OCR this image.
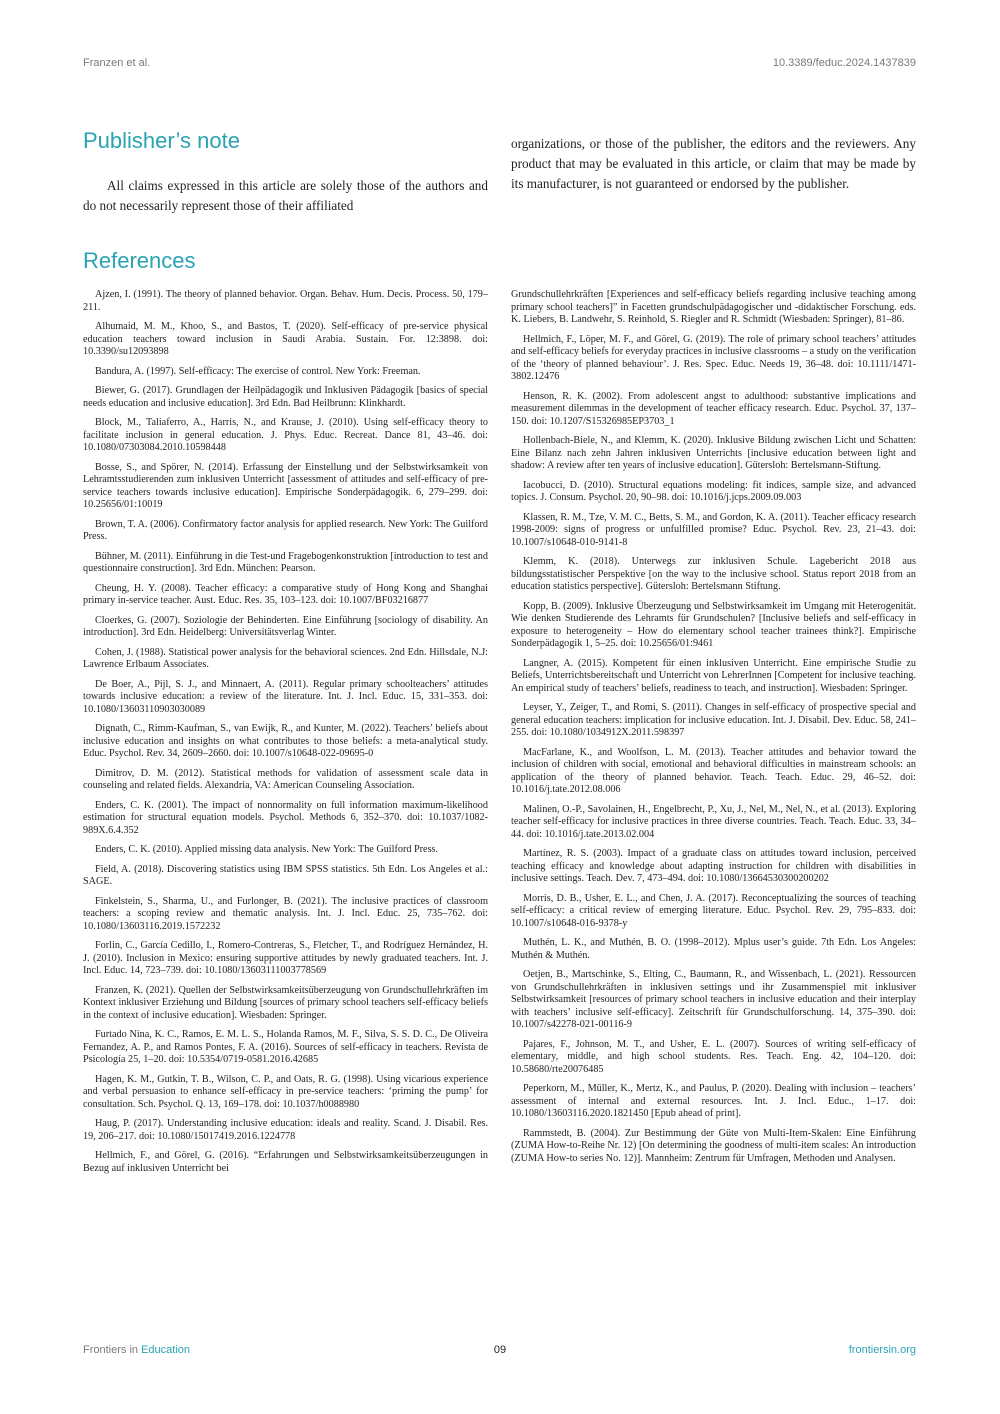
Franzen et al.	10.3389/feduc.2024.1437839
Publisher’s note

All claims expressed in this article are solely those of the authors and do not necessarily represent those of their affiliated

organizations, or those of the publisher, the editors and the reviewers. Any product that may be evaluated in this article, or claim that may be made by its manufacturer, is not guaranteed or endorsed by the publisher.

References

Ajzen, I. (1991). The theory of planned behavior. Organ. Behav. Hum. Decis. Process. 50, 179–211.

Alhumaid, M. M., Khoo, S., and Bastos, T. (2020). Self-efficacy of pre-service physical education teachers toward inclusion in Saudi Arabia. Sustain. For. 12:3898. doi: 10.3390/su12093898

Bandura, A. (1997). Self-efficacy: The exercise of control. New York: Freeman.

Biewer, G. (2017). Grundlagen der Heilpädagogik und Inklusiven Pädagogik [basics of special needs education and inclusive education]. 3rd Edn. Bad Heilbrunn: Klinkhardt.

Block, M., Taliaferro, A., Harris, N., and Krause, J. (2010). Using self-efficacy theory to facilitate inclusion in general education. J. Phys. Educ. Recreat. Dance 81, 43–46. doi: 10.1080/07303084.2010.10598448

Bosse, S., and Spörer, N. (2014). Erfassung der Einstellung und der Selbstwirksamkeit von Lehramtsstudierenden zum inklusiven Unterricht [assessment of attitudes and self-efficacy of pre-service teachers towards inclusive education]. Empirische Sonderpädagogik. 6, 279–299. doi: 10.25656/01:10019

Brown, T. A. (2006). Confirmatory factor analysis for applied research. New York: The Guilford Press.

Bühner, M. (2011). Einführung in die Test-und Fragebogenkonstruktion [introduction to test and questionnaire construction]. 3rd Edn. München: Pearson.

Cheung, H. Y. (2008). Teacher efficacy: a comparative study of Hong Kong and Shanghai primary in-service teacher. Aust. Educ. Res. 35, 103–123. doi: 10.1007/BF03216877

Cloerkes, G. (2007). Soziologie der Behinderten. Eine Einführung [sociology of disability. An introduction]. 3rd Edn. Heidelberg: Universitätsverlag Winter.

Cohen, J. (1988). Statistical power analysis for the behavioral sciences. 2nd Edn. Hillsdale, N.J: Lawrence Erlbaum Associates.

De Boer, A., Pijl, S. J., and Minnaert, A. (2011). Regular primary schoolteachers’ attitudes towards inclusive education: a review of the literature. Int. J. Incl. Educ. 15, 331–353. doi: 10.1080/13603110903030089

Dignath, C., Rimm-Kaufman, S., van Ewijk, R., and Kunter, M. (2022). Teachers’ beliefs about inclusive education and insights on what contributes to those beliefs: a meta-analytical study. Educ. Psychol. Rev. 34, 2609–2660. doi: 10.1007/s10648-022-09695-0

Dimitrov, D. M. (2012). Statistical methods for validation of assessment scale data in counseling and related fields. Alexandria, VA: American Counseling Association.

Enders, C. K. (2001). The impact of nonnormality on full information maximum-likelihood estimation for structural equation models. Psychol. Methods 6, 352–370. doi: 10.1037/1082-989X.6.4.352

Enders, C. K. (2010). Applied missing data analysis. New York: The Guilford Press.

Field, A. (2018). Discovering statistics using IBM SPSS statistics. 5th Edn. Los Angeles et al.: SAGE.

Finkelstein, S., Sharma, U., and Furlonger, B. (2021). The inclusive practices of classroom teachers: a scoping review and thematic analysis. Int. J. Incl. Educ. 25, 735–762. doi: 10.1080/13603116.2019.1572232

Forlin, C., García Cedillo, I., Romero-Contreras, S., Fletcher, T., and Rodríguez Hernández, H. J. (2010). Inclusion in Mexico: ensuring supportive attitudes by newly graduated teachers. Int. J. Incl. Educ. 14, 723–739. doi: 10.1080/13603111003778569

Franzen, K. (2021). Quellen der Selbstwirksamkeitsüberzeugung von Grundschullehrkräften im Kontext inklusiver Erziehung und Bildung [sources of primary school teachers self-efficacy beliefs in the context of inclusive education]. Wiesbaden: Springer.

Furtado Nina, K. C., Ramos, E. M. L. S., Holanda Ramos, M. F., Silva, S. S. D. C., De Oliveira Fernandez, A. P., and Ramos Pontes, F. A. (2016). Sources of self-efficacy in teachers. Revista de Psicología 25, 1–20. doi: 10.5354/0719-0581.2016.42685

Hagen, K. M., Gutkin, T. B., Wilson, C. P., and Oats, R. G. (1998). Using vicarious experience and verbal persuasion to enhance self-efficacy in pre-service teachers: ‘priming the pump’ for consultation. Sch. Psychol. Q. 13, 169–178. doi: 10.1037/h0088980

Haug, P. (2017). Understanding inclusive education: ideals and reality. Scand. J. Disabil. Res. 19, 206–217. doi: 10.1080/15017419.2016.1224778

Hellmich, F., and Görel, G. (2016). “Erfahrungen und Selbstwirksamkeitsüberzeugungen in Bezug auf inklusiven Unterricht bei

Grundschullehrkräften [Experiences and self-efficacy beliefs regarding inclusive teaching among primary school teachers]” in Facetten grundschulpädagogischer und -didaktischer Forschung. eds. K. Liebers, B. Landwehr, S. Reinhold, S. Riegler and R. Schmidt (Wiesbaden: Springer), 81–86.

Hellmich, F., Löper, M. F., and Görel, G. (2019). The role of primary school teachers’ attitudes and self-efficacy beliefs for everyday practices in inclusive classrooms – a study on the verification of the ‘theory of planned behaviour’. J. Res. Spec. Educ. Needs 19, 36–48. doi: 10.1111/1471-3802.12476

Henson, R. K. (2002). From adolescent angst to adulthood: substantive implications and measurement dilemmas in the development of teacher efficacy research. Educ. Psychol. 37, 137–150. doi: 10.1207/S15326985EP3703_1

Hollenbach-Biele, N., and Klemm, K. (2020). Inklusive Bildung zwischen Licht und Schatten: Eine Bilanz nach zehn Jahren inklusiven Unterrichts [inclusive education between light and shadow: A review after ten years of inclusive education]. Gütersloh: Bertelsmann-Stiftung.

Iacobucci, D. (2010). Structural equations modeling: fit indices, sample size, and advanced topics. J. Consum. Psychol. 20, 90–98. doi: 10.1016/j.jcps.2009.09.003

Klassen, R. M., Tze, V. M. C., Betts, S. M., and Gordon, K. A. (2011). Teacher efficacy research 1998-2009: signs of progress or unfulfilled promise? Educ. Psychol. Rev. 23, 21–43. doi: 10.1007/s10648-010-9141-8

Klemm, K. (2018). Unterwegs zur inklusiven Schule. Lagebericht 2018 aus bildungsstatistischer Perspektive [on the way to the inclusive school. Status report 2018 from an education statistics perspective]. Gütersloh: Bertelsmann Stiftung.

Kopp, B. (2009). Inklusive Überzeugung und Selbstwirksamkeit im Umgang mit Heterogenität. Wie denken Studierende des Lehramts für Grundschulen? [Inclusive beliefs and self-efficacy in exposure to heterogeneity – How do elementary school teacher trainees think?]. Empirische Sonderpädagogik 1, 5–25. doi: 10.25656/01:9461

Langner, A. (2015). Kompetent für einen inklusiven Unterricht. Eine empirische Studie zu Beliefs, Unterrichtsbereitschaft und Unterricht von LehrerInnen [Competent for inclusive teaching. An empirical study of teachers’ beliefs, readiness to teach, and instruction]. Wiesbaden: Springer.

Leyser, Y., Zeiger, T., and Romi, S. (2011). Changes in self-efficacy of prospective special and general education teachers: implication for inclusive education. Int. J. Disabil. Dev. Educ. 58, 241–255. doi: 10.1080/1034912X.2011.598397

MacFarlane, K., and Woolfson, L. M. (2013). Teacher attitudes and behavior toward the inclusion of children with social, emotional and behavioral difficulties in mainstream schools: an application of the theory of planned behavior. Teach. Teach. Educ. 29, 46–52. doi: 10.1016/j.tate.2012.08.006

Malinen, O.-P., Savolainen, H., Engelbrecht, P., Xu, J., Nel, M., Nel, N., et al. (2013). Exploring teacher self-efficacy for inclusive practices in three diverse countries. Teach. Teach. Educ. 33, 34–44. doi: 10.1016/j.tate.2013.02.004

Martínez, R. S. (2003). Impact of a graduate class on attitudes toward inclusion, perceived teaching efficacy and knowledge about adapting instruction for children with disabilities in inclusive settings. Teach. Dev. 7, 473–494. doi: 10.1080/13664530300200202

Morris, D. B., Usher, E. L., and Chen, J. A. (2017). Reconceptualizing the sources of teaching self-efficacy: a critical review of emerging literature. Educ. Psychol. Rev. 29, 795–833. doi: 10.1007/s10648-016-9378-y

Muthén, L. K., and Muthén, B. O. (1998–2012). Mplus user’s guide. 7th Edn. Los Angeles: Muthén & Muthén.

Oetjen, B., Martschinke, S., Elting, C., Baumann, R., and Wissenbach, L. (2021). Ressourcen von Grundschullehrkräften in inklusiven settings und ihr Zusammenspiel mit inklusiver Selbstwirksamkeit [resources of primary school teachers in inclusive education and their interplay with teachers’ inclusive self-efficacy]. Zeitschrift für Grundschulforschung. 14, 375–390. doi: 10.1007/s42278-021-00116-9

Pajares, F., Johnson, M. T., and Usher, E. L. (2007). Sources of writing self-efficacy of elementary, middle, and high school students. Res. Teach. Eng. 42, 104–120. doi: 10.58680/rte20076485

Peperkorn, M., Müller, K., Mertz, K., and Paulus, P. (2020). Dealing with inclusion – teachers’ assessment of internal and external resources. Int. J. Incl. Educ., 1–17. doi: 10.1080/13603116.2020.1821450 [Epub ahead of print].

Rammstedt, B. (2004). Zur Bestimmung der Güte von Multi-Item-Skalen: Eine Einführung (ZUMA How-to-Reihe Nr. 12) [On determining the goodness of multi-item scales: An introduction (ZUMA How-to series No. 12)]. Mannheim: Zentrum für Umfragen, Methoden und Analysen.

Frontiers in Education	09	frontiersin.org
